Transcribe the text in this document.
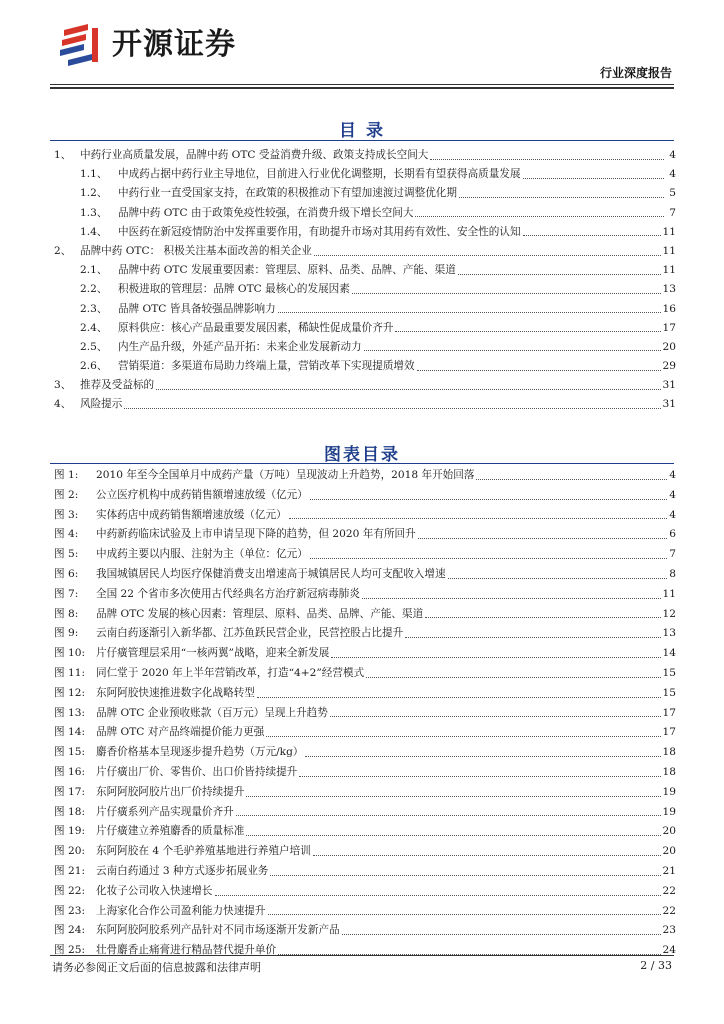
开源证券
行业深度报告
目 录
1、 中药行业高质量发展，品牌中药 OTC 受益消费升级、政策支持成长空间大	4
1.1、 中成药占据中药行业主导地位，目前进入行业优化调整期，长期看有望获得高质量发展	4
1.2、 中药行业一直受国家支持，在政策的积极推动下有望加速渡过调整优化期	5
1.3、 品牌中药 OTC 由于政策免疫性较强，在消费升级下增长空间大	7
1.4、 中医药在新冠疫情防治中发挥重要作用，有助提升市场对其用药有效性、安全性的认知	11
2、 品牌中药 OTC： 积极关注基本面改善的相关企业	11
2.1、 品牌中药 OTC 发展重要因素：管理层、原料、品类、品牌、产能、渠道	11
2.2、 积极进取的管理层：品牌 OTC 最核心的发展因素	13
2.3、 品牌 OTC 皆具备较强品牌影响力	16
2.4、 原料供应：核心产品最重要发展因素，稀缺性促成量价齐升	17
2.5、 内生产品升级，外延产品开拓：未来企业发展新动力	20
2.6、 营销渠道：多渠道布局助力终端上量，营销改革下实现提质增效	29
3、 推荐及受益标的	31
4、 风险提示	31
图表目录
图 1:	2010 年至今全国单月中成药产量（万吨）呈现波动上升趋势，2018 年开始回落	4
图 2:	公立医疗机构中成药销售额增速放缓（亿元）	4
图 3:	实体药店中成药销售额增速放缓（亿元）	4
图 4:	中药新药临床试验及上市申请呈现下降的趋势，但 2020 年有所回升	6
图 5:	中成药主要以内服、注射为主（单位：亿元）	7
图 6:	我国城镇居民人均医疗保健消费支出增速高于城镇居民人均可支配收入增速	8
图 7:	全国 22 个省市多次使用古代经典名方治疗新冠病毒肺炎	11
图 8:	品牌 OTC 发展的核心因素：管理层、原料、品类、品牌、产能、渠道	12
图 9:	云南白药逐渐引入新华都、江苏鱼跃民营企业，民营控股占比提升	13
图 10:	片仔癀管理层采用“一核两翼”战略，迎来全新发展	14
图 11:	同仁堂于 2020 年上半年营销改革，打造“4+2”经营模式	15
图 12:	东阿阿胶快速推进数字化战略转型	15
图 13:	品牌 OTC 企业预收账款（百万元）呈现上升趋势	17
图 14:	品牌 OTC 对产品终端提价能力更强	17
图 15:	麝香价格基本呈现逐步提升趋势（万元/kg）	18
图 16:	片仔癀出厂价、零售价、出口价皆持续提升	18
图 17:	东阿阿胶阿胶片出厂价持续提升	19
图 18:	片仔癀系列产品实现量价齐升	19
图 19:	片仔癀建立养殖麝香的质量标准	20
图 20:	东阿阿胶在 4 个毛驴养殖基地进行养殖户培训	20
图 21:	云南白药通过 3 种方式逐步拓展业务	21
图 22:	化妆子公司收入快速增长	22
图 23:	上海家化合作公司盈利能力快速提升	22
图 24:	东阿阿胶阿胶系列产品针对不同市场逐渐开发新产品	23
图 25:	壮骨麝香止痛膏进行精品替代提升单价	24
请务必参阅正文后面的信息披露和法律声明	2 / 33
